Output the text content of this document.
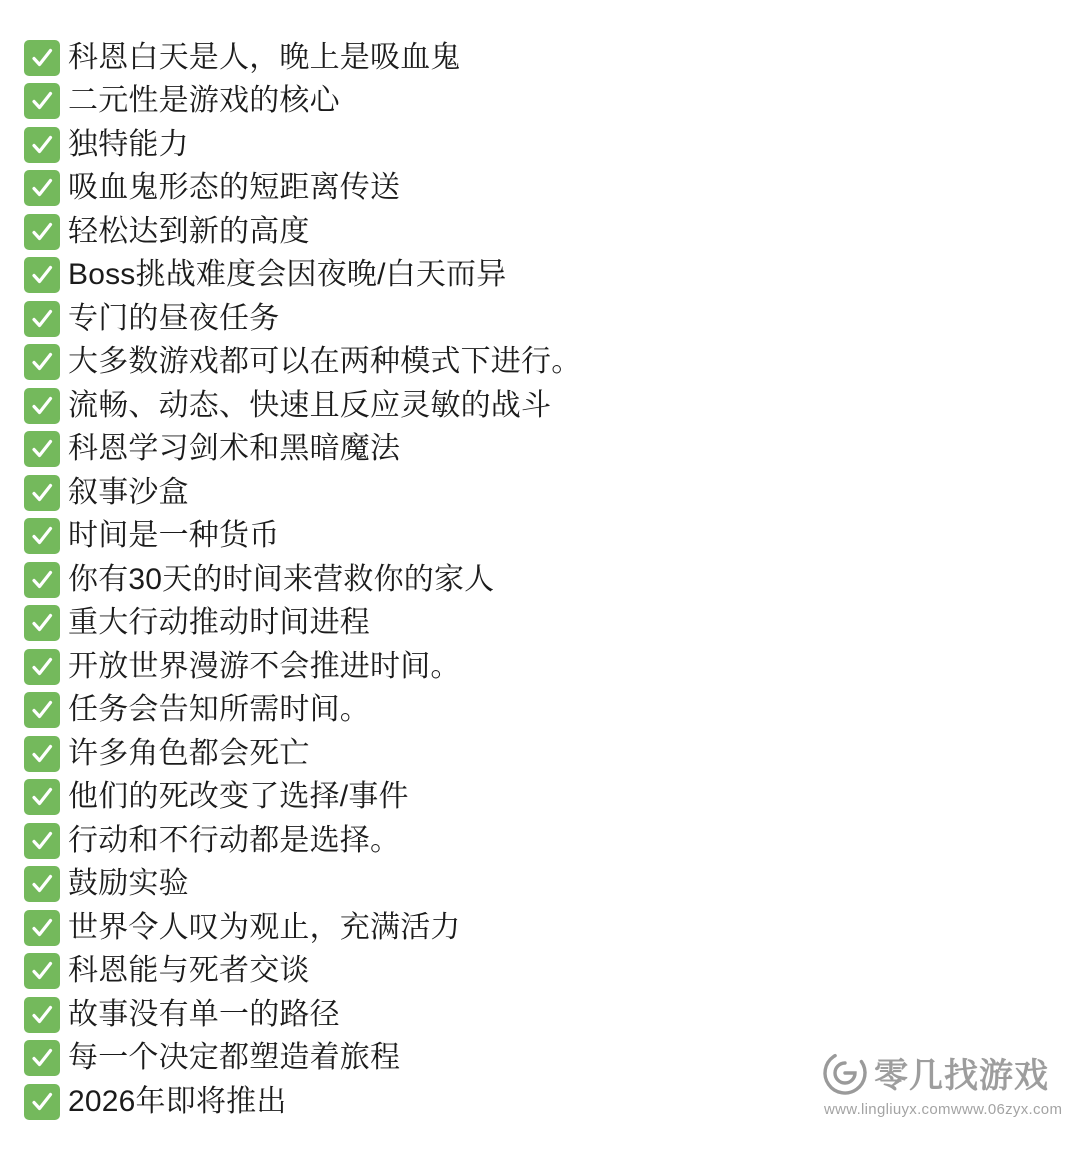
科恩白天是人，晚上是吸血鬼
二元性是游戏的核心
独特能力
吸血鬼形态的短距离传送
轻松达到新的高度
Boss挑战难度会因夜晚/白天而异
专门的昼夜任务
大多数游戏都可以在两种模式下进行。
流畅、动态、快速且反应灵敏的战斗
科恩学习剑术和黑暗魔法
叙事沙盒
时间是一种货币
你有30天的时间来营救你的家人
重大行动推动时间进程
开放世界漫游不会推进时间。
任务会告知所需时间。
许多角色都会死亡
他们的死改变了选择/事件
行动和不行动都是选择。
鼓励实验
世界令人叹为观止，充满活力
科恩能与死者交谈
故事没有单一的路径
每一个决定都塑造着旅程
2026年即将推出
零几找游戏
www.lingliuyx.com www.06zyx.com
